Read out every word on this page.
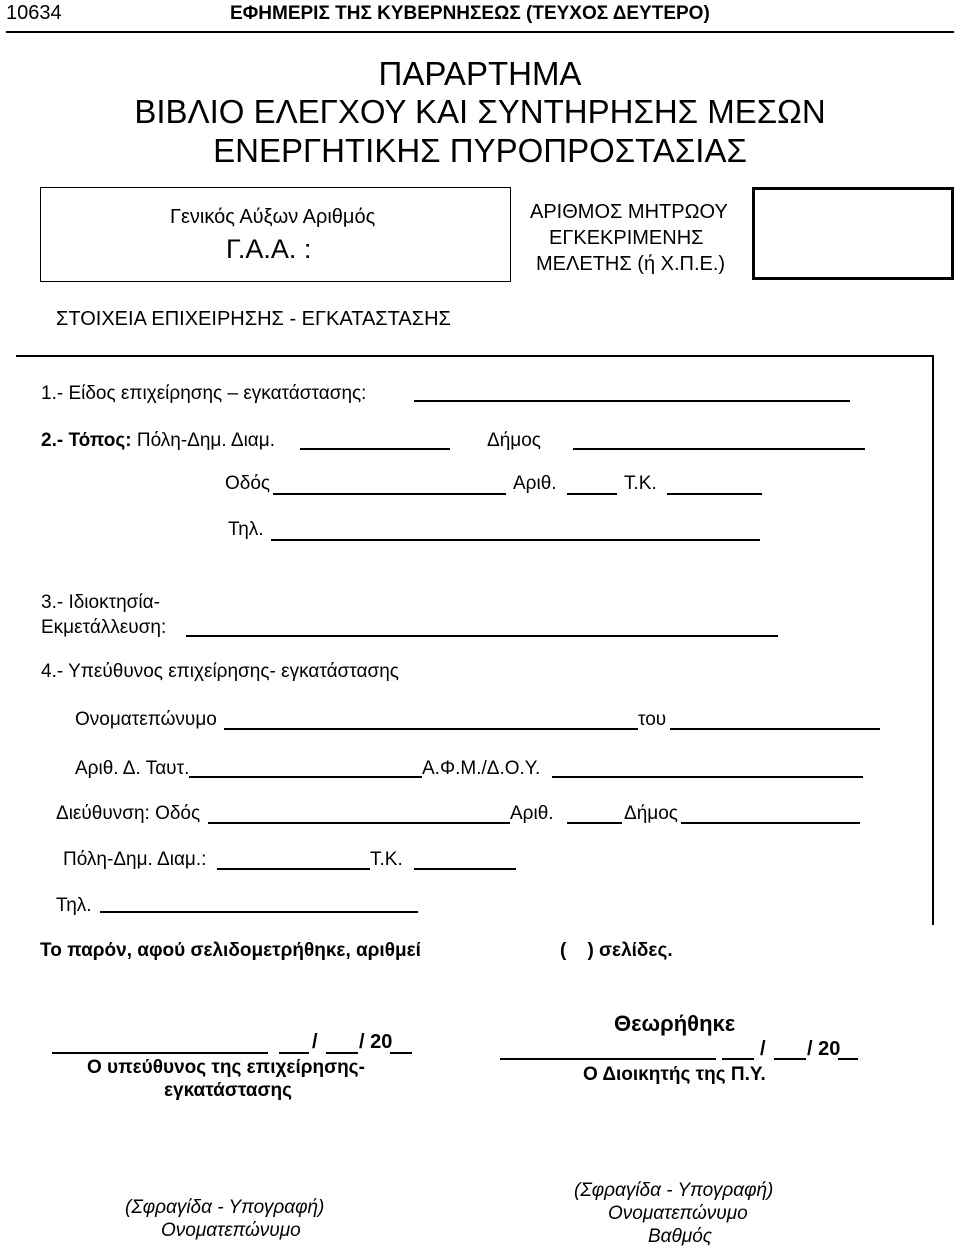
10634	ΕΦΗΜΕΡΙΣ ΤΗΣ ΚΥΒΕΡΝΗΣΕΩΣ (ΤΕΥΧΟΣ ΔΕΥΤΕΡΟ)
ΠΑΡΑΡΤΗΜΑ
ΒΙΒΛΙΟ ΕΛΕΓΧΟΥ ΚΑΙ ΣΥΝΤΗΡΗΣΗΣ ΜΕΣΩΝ
ΕΝΕΡΓΗΤΙΚΗΣ ΠΥΡΟΠΡΟΣΤΑΣΙΑΣ
Γενικός Αύξων Αριθμός
Γ.Α.Α. :
ΑΡΙΘΜΟΣ ΜΗΤΡΩΟΥ
ΕΓΚΕΚΡΙΜΕΝΗΣ
ΜΕΛΕΤΗΣ (ή Χ.Π.Ε.)
ΣΤΟΙΧΕΙΑ ΕΠΙΧΕΙΡΗΣΗΣ - ΕΓΚΑΤΑΣΤΑΣΗΣ
1.- Είδος επιχείρησης – εγκατάστασης:
2.- Τόπος: Πόλη-Δημ. Διαμ.	Δήμος
Οδός	Αριθ.	Τ.Κ.
Τηλ.
3.- Ιδιοκτησία-
Εκμετάλλευση:
4.- Υπεύθυνος επιχείρησης- εγκατάστασης
Ονοματεπώνυμο	του
Αριθ. Δ. Ταυτ.	Α.Φ.Μ./Δ.Ο.Υ.
Διεύθυνση: Οδός	Αριθ.	Δήμος
Πόλη-Δημ. Διαμ.:	Τ.Κ.
Τηλ.
Το παρόν, αφού σελιδομετρήθηκε, αριθμεί	(    ) σελίδες.
/ / 20
Ο υπεύθυνος της επιχείρησης-
εγκατάστασης
(Σφραγίδα - Υπογραφή)
Ονοματεπώνυμο
Θεωρήθηκε
/ / 20
Ο Διοικητής της Π.Υ.
(Σφραγίδα - Υπογραφή)
Ονοματεπώνυμο
Βαθμός
